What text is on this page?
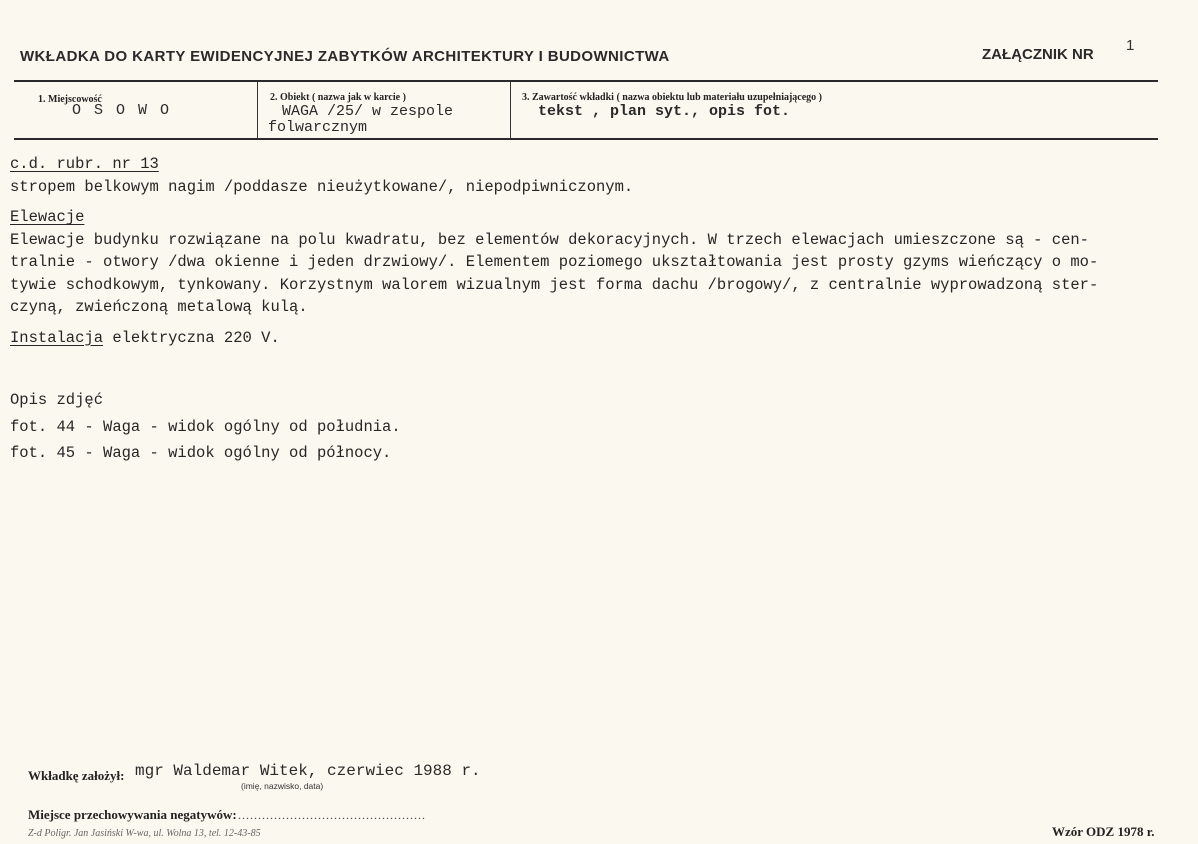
WKŁADKA DO KARTY EWIDENCYJNEJ ZABYTKÓW ARCHITEKTURY I BUDOWNICTWA	ZAŁĄCZNIK NR
1
1. Miejscowość
O S O W O
2. Obiekt ( nazwa jak w karcie )
WAGA /25/ w zespole
folwarcznym
3. Zawartość wkładki ( nazwa obiektu lub materiału uzupełniającego )
tekst , plan syt., opis fot.
c.d. rubr. nr 13
stropem belkowym nagim /poddasze nieużytkowane/, niepodpiwniczonym.
Elewacje
Elewacje budynku rozwiązane na polu kwadratu, bez elementów dekoracyjnych. W trzech elewacjach umieszczone są - cen-
tralnie - otwory /dwa okienne i jeden drzwiowy/. Elementem poziomego ukształtowania jest prosty gzyms wieńczący o mo-
tywie schodkowym, tynkowany. Korzystnym walorem wizualnym jest forma dachu /brogowy/, z centralnie wyprowadzoną ster-
czyną, zwieńczoną metalową kulą.
Instalacja elektryczna 220 V.
Opis zdjęć
fot. 44 - Waga - widok ogólny od południa.
fot. 45 - Waga - widok ogólny od północy.
Wkładkę założył: mgr Waldemar Witek, czerwiec 1988 r.
(imię, nazwisko, data)
Miejsce przechowywania negatywów: ...............................................
Z-d Poligr. Jan Jasiński W-wa, ul. Wolna 13, tel. 12-43-85	Wzór ODZ 1978 r.
